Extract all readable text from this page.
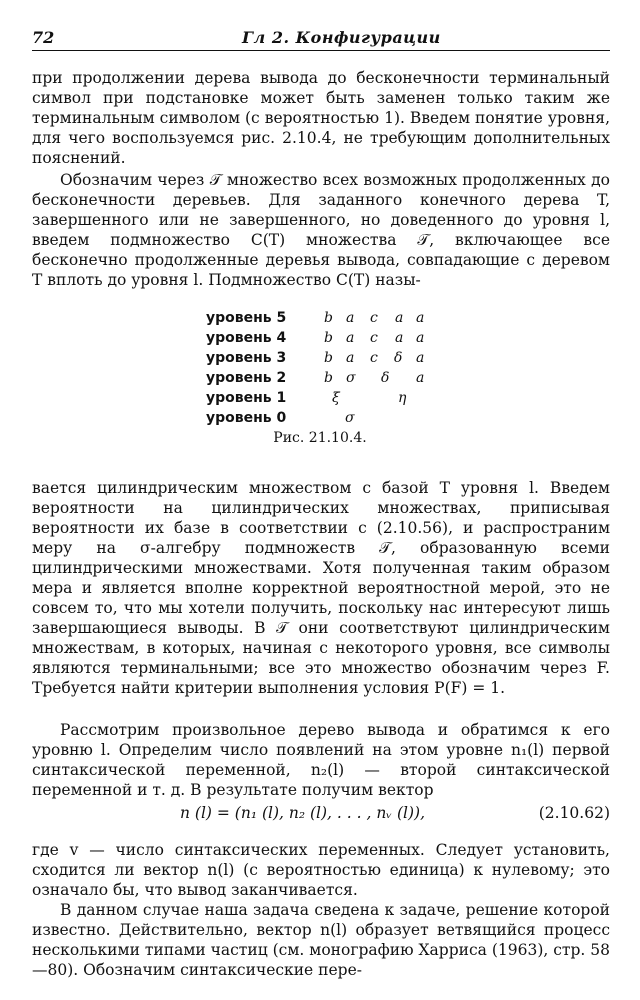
72	Гл 2. Конфигурации
при продолжении дерева вывода до бесконечности терминальный символ при подстановке может быть заменен только таким же терминальным символом (с вероятностью 1). Введем понятие уровня, для чего воспользуемся рис. 2.10.4, не требующим дополнительных пояснений.
Обозначим через 𝒯 множество всех возможных продолженных до бесконечности деревьев. Для заданного конечного дерева T, завершенного или не завершенного, но доведенного до уровня l, введем подмножество C(T) множества 𝒯, включающее все бесконечно продолженные деревья вывода, совпадающие с деревом T вплоть до уровня l. Подмножество C(T) назы-
уровень 5	b a c a a
уровень 4	b a c a a
уровень 3	b a c δ a
уровень 2	b σ δ a
уровень 1	ξ	η
уровень 0	σ
Рис. 21.10.4.
вается цилиндрическим множеством с базой T уровня l. Введем вероятности на цилиндрических множествах, приписывая вероятности их базе в соответствии с (2.10.56), и распространим меру на σ-алгебру подмножеств 𝒯, образованную всеми цилиндрическими множествами. Хотя полученная таким образом мера и является вполне корректной вероятностной мерой, это не совсем то, что мы хотели получить, поскольку нас интересуют лишь завершающиеся выводы. В 𝒯 они соответствуют цилиндрическим множествам, в которых, начиная с некоторого уровня, все символы являются терминальными; все это множество обозначим через F. Требуется найти критерии выполнения условия P(F) = 1.
Рассмотрим произвольное дерево вывода и обратимся к его уровню l. Определим число появлений на этом уровне n₁(l) первой синтаксической переменной, n₂(l) — второй синтаксической переменной и т. д. В результате получим вектор
n (l) = (n₁ (l), n₂ (l), . . . , nᵥ (l)),	(2.10.62)
где v — число синтаксических переменных. Следует установить, сходится ли вектор n(l) (с вероятностью единица) к нулевому; это означало бы, что вывод заканчивается.
В данном случае наша задача сведена к задаче, решение которой известно. Действительно, вектор n(l) образует ветвящийся процесс несколькими типами частиц (см. монографию Харриса (1963), стр. 58—80). Обозначим синтаксические пере-
